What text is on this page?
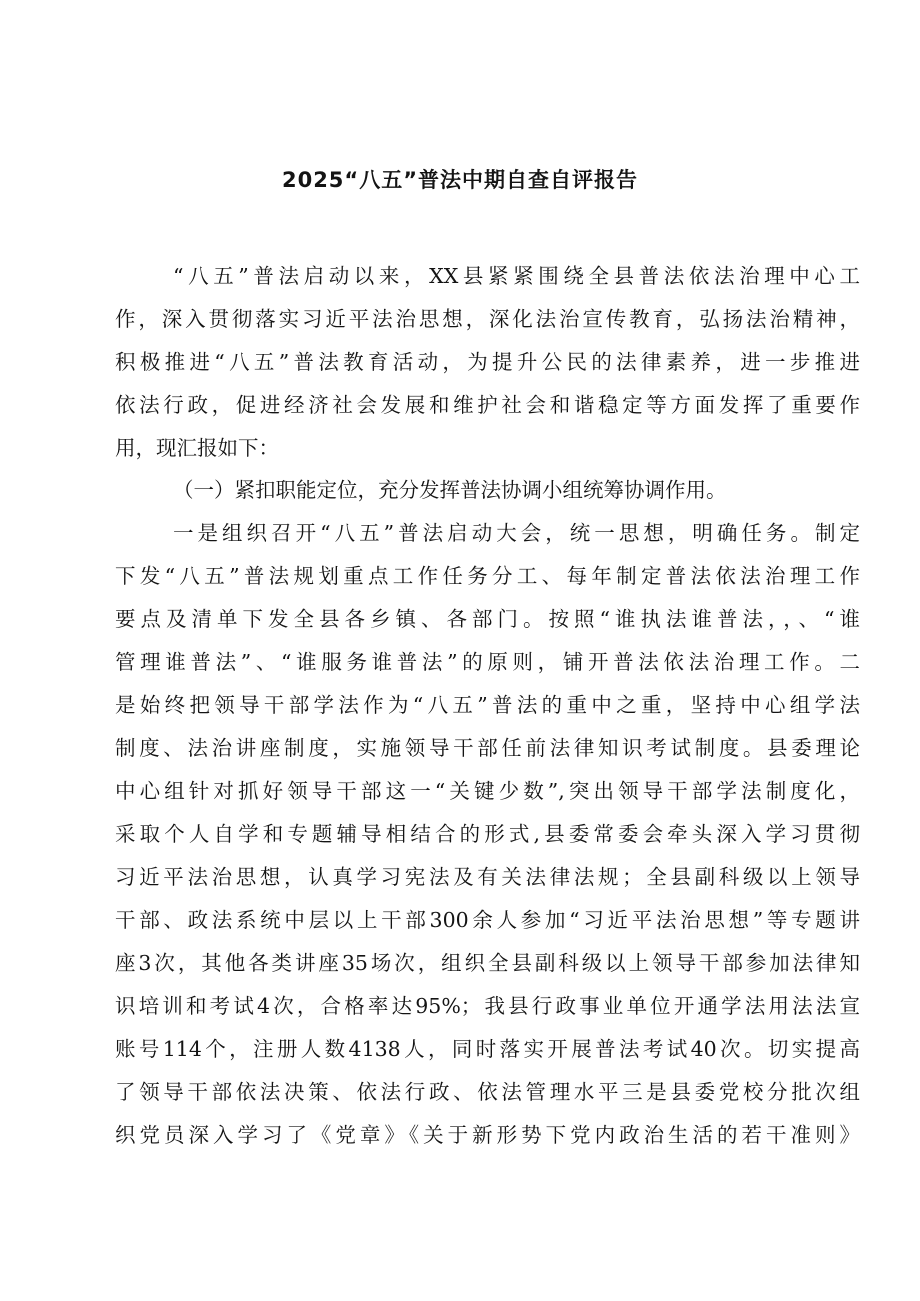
2025“八五”普法中期自查自评报告
“八五”普法启动以来，XX县紧紧围绕全县普法依法治理中心工
作，深入贯彻落实习近平法治思想，深化法治宣传教育，弘扬法治精神，
积极推进“八五”普法教育活动，为提升公民的法律素养，进一步推进
依法行政，促进经济社会发展和维护社会和谐稳定等方面发挥了重要作
用，现汇报如下：
（一）紧扣职能定位，充分发挥普法协调小组统筹协调作用。
一是组织召开“八五”普法启动大会，统一思想，明确任务。制定
下发“八五”普法规划重点工作任务分工、每年制定普法依法治理工作
要点及清单下发全县各乡镇、各部门。按照“谁执法谁普法，，、“谁
管理谁普法”、“谁服务谁普法”的原则，铺开普法依法治理工作。二
是始终把领导干部学法作为“八五”普法的重中之重，坚持中心组学法
制度、法治讲座制度，实施领导干部任前法律知识考试制度。县委理论
中心组针对抓好领导干部这一“关键少数”,突出领导干部学法制度化，
采取个人自学和专题辅导相结合的形式,县委常委会牵头深入学习贯彻
习近平法治思想，认真学习宪法及有关法律法规；全县副科级以上领导
干部、政法系统中层以上干部300余人参加“习近平法治思想”等专题讲
座3次，其他各类讲座35场次，组织全县副科级以上领导干部参加法律知
识培训和考试4次，合格率达95%；我县行政事业单位开通学法用法法宣
账号114个，注册人数4138人，同时落实开展普法考试40次。切实提高
了领导干部依法决策、依法行政、依法管理水平三是县委党校分批次组
织党员深入学习了《党章》《关于新形势下党内政治生活的若干准则》
